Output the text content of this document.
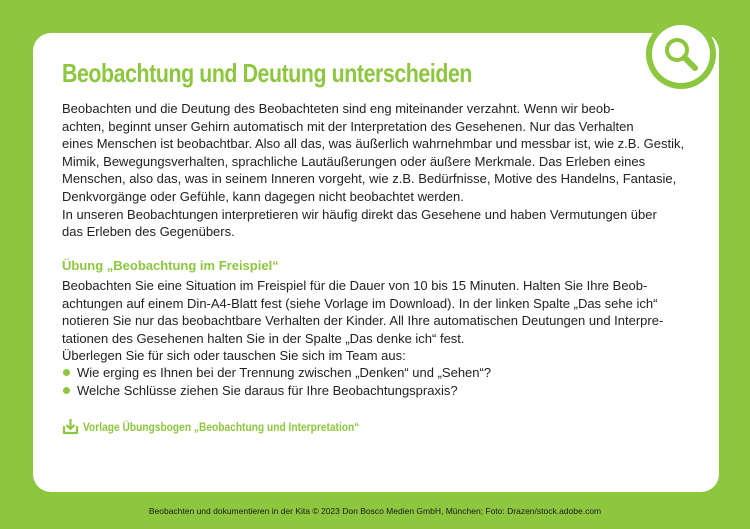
Beobachtung und Deutung unterscheiden
Beobachten und die Deutung des Beobachteten sind eng miteinander verzahnt. Wenn wir beob-
achten, beginnt unser Gehirn automatisch mit der Interpretation des Gesehenen. Nur das Verhalten
eines Menschen ist beobachtbar. Also all das, was äußerlich wahrnehmbar und messbar ist, wie z.B. Gestik,
Mimik, Bewegungsverhalten, sprachliche Lautäußerungen oder äußere Merkmale. Das Erleben eines
Menschen, also das, was in seinem Inneren vorgeht, wie z.B. Bedürfnisse, Motive des Handelns, Fantasie,
Denkvorgänge oder Gefühle, kann dagegen nicht beobachtet werden.
In unseren Beobachtungen interpretieren wir häufig direkt das Gesehene und haben Vermutungen über
das Erleben des Gegenübers.
Übung „Beobachtung im Freispiel“
Beobachten Sie eine Situation im Freispiel für die Dauer von 10 bis 15 Minuten. Halten Sie Ihre Beob-
achtungen auf einem Din-A4-Blatt fest (siehe Vorlage im Download). In der linken Spalte „Das sehe ich“
notieren Sie nur das beobachtbare Verhalten der Kinder. All Ihre automatischen Deutungen und Interpre-
tationen des Gesehenen halten Sie in der Spalte „Das denke ich“ fest.
Überlegen Sie für sich oder tauschen Sie sich im Team aus:
Wie erging es Ihnen bei der Trennung zwischen „Denken“ und „Sehen“?
Welche Schlüsse ziehen Sie daraus für Ihre Beobachtungspraxis?
Vorlage Übungsbogen „Beobachtung und Interpretation“
Beobachten und dokumentieren in der Kita © 2023 Don Bosco Medien GmbH, München; Foto: Drazen/stock.adobe.com
